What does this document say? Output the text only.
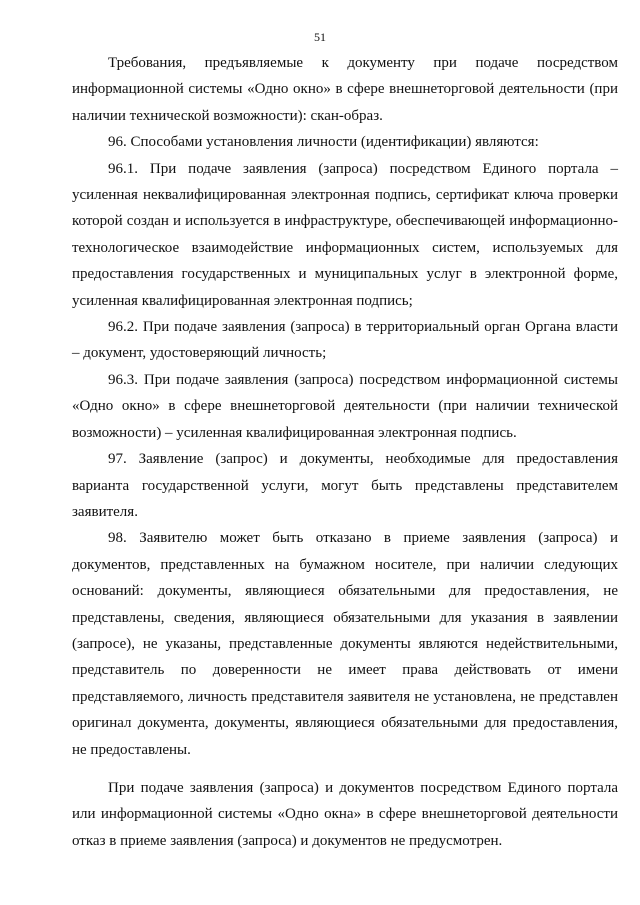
51

Требования, предъявляемые к документу при подаче посредством информационной системы «Одно окно» в сфере внешнеторговой деятельности (при наличии технической возможности): скан-образ.

96. Способами установления личности (идентификации) являются:

96.1. При подаче заявления (запроса) посредством Единого портала – усиленная неквалифицированная электронная подпись, сертификат ключа проверки которой создан и используется в инфраструктуре, обеспечивающей информационно-технологическое взаимодействие информационных систем, используемых для предоставления государственных и муниципальных услуг в электронной форме, усиленная квалифицированная электронная подпись;

96.2. При подаче заявления (запроса) в территориальный орган Органа власти – документ, удостоверяющий личность;

96.3. При подаче заявления (запроса) посредством информационной системы «Одно окно» в сфере внешнеторговой деятельности (при наличии технической возможности) – усиленная квалифицированная электронная подпись.

97. Заявление (запрос) и документы, необходимые для предоставления варианта государственной услуги, могут быть представлены представителем заявителя.

98. Заявителю может быть отказано в приеме заявления (запроса) и документов, представленных на бумажном носителе, при наличии следующих оснований: документы, являющиеся обязательными для предоставления, не представлены, сведения, являющиеся обязательными для указания в заявлении (запросе), не указаны, представленные документы являются недействительными, представитель по доверенности не имеет права действовать от имени представляемого, личность представителя заявителя не установлена, не представлен оригинал документа, документы, являющиеся обязательными для предоставления, не предоставлены.

При подаче заявления (запроса) и документов посредством Единого портала или информационной системы «Одно окна» в сфере внешнеторговой деятельности отказ в приеме заявления (запроса) и документов не предусмотрен.
